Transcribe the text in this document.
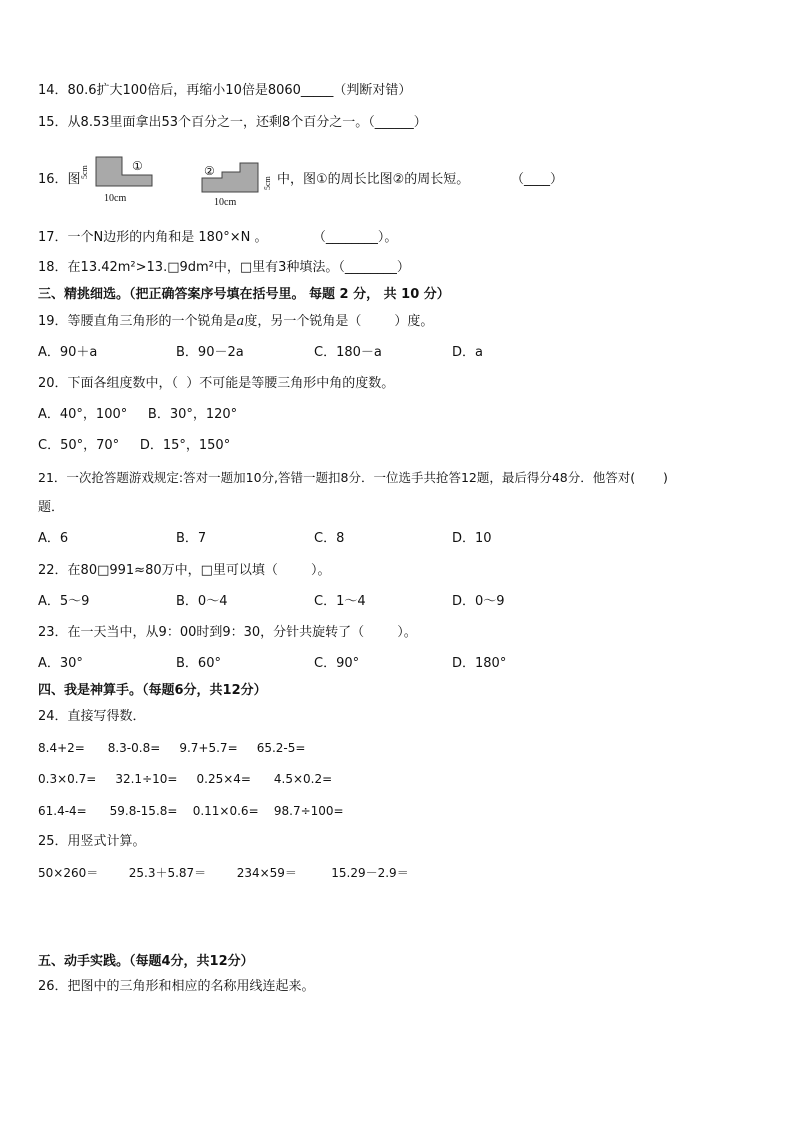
14．80.6扩大100倍后，再缩小10倍是8060_____（判断对错）
15．从8.53里面拿出53个百分之一，还剩8个百分之一。（______）
16．图 5cm	①
10cm
②
5cm
10cm
中，图①的周长比图②的周长短。	（____）
17．一个N边形的内角和是 180°×N 。           （________）。
18．在13.42m²>13.□9dm²中，□里有3种填法。（________）
三、精挑细选。（把正确答案序号填在括号里。 每题 2 分， 共 10 分）
19．等腰直角三角形的一个锐角是a度，另一个锐角是（        ）度。
A．90＋a	B．90－2a	C．180－a	D．a
20．下面各组度数中，（  ）不可能是等腰三角形中角的度数。
A．40°，100°     B．30°，120°
C．50°，70°     D．15°，150°
21．一次抢答题游戏规定:答对一题加10分,答错一题扣8分．一位选手共抢答12题，最后得分48分．他答对(       )
题．
A．6	B．7	C．8	D．10
22．在80□991≈80万中，□里可以填（        ）。
A．5～9	B．0～4	C．1～4	D．0～9
23．在一天当中，从9：00时到9：30，分针共旋转了（        ）。
A．30°	B．60°	C．90°	D．180°
四、我是神算手。（每题6分，共12分）
24．直接写得数．
8.4+2=      8.3-0.8=     9.7+5.7=     65.2-5=
0.3×0.7=     32.1÷10=     0.25×4=      4.5×0.2=
61.4-4=      59.8-15.8=    0.11×0.6=    98.7÷100=
25．用竖式计算。
50×260＝        25.3＋5.87＝        234×59＝         15.29－2.9＝
五、动手实践。（每题4分，共12分）
26．把图中的三角形和相应的名称用线连起来。
